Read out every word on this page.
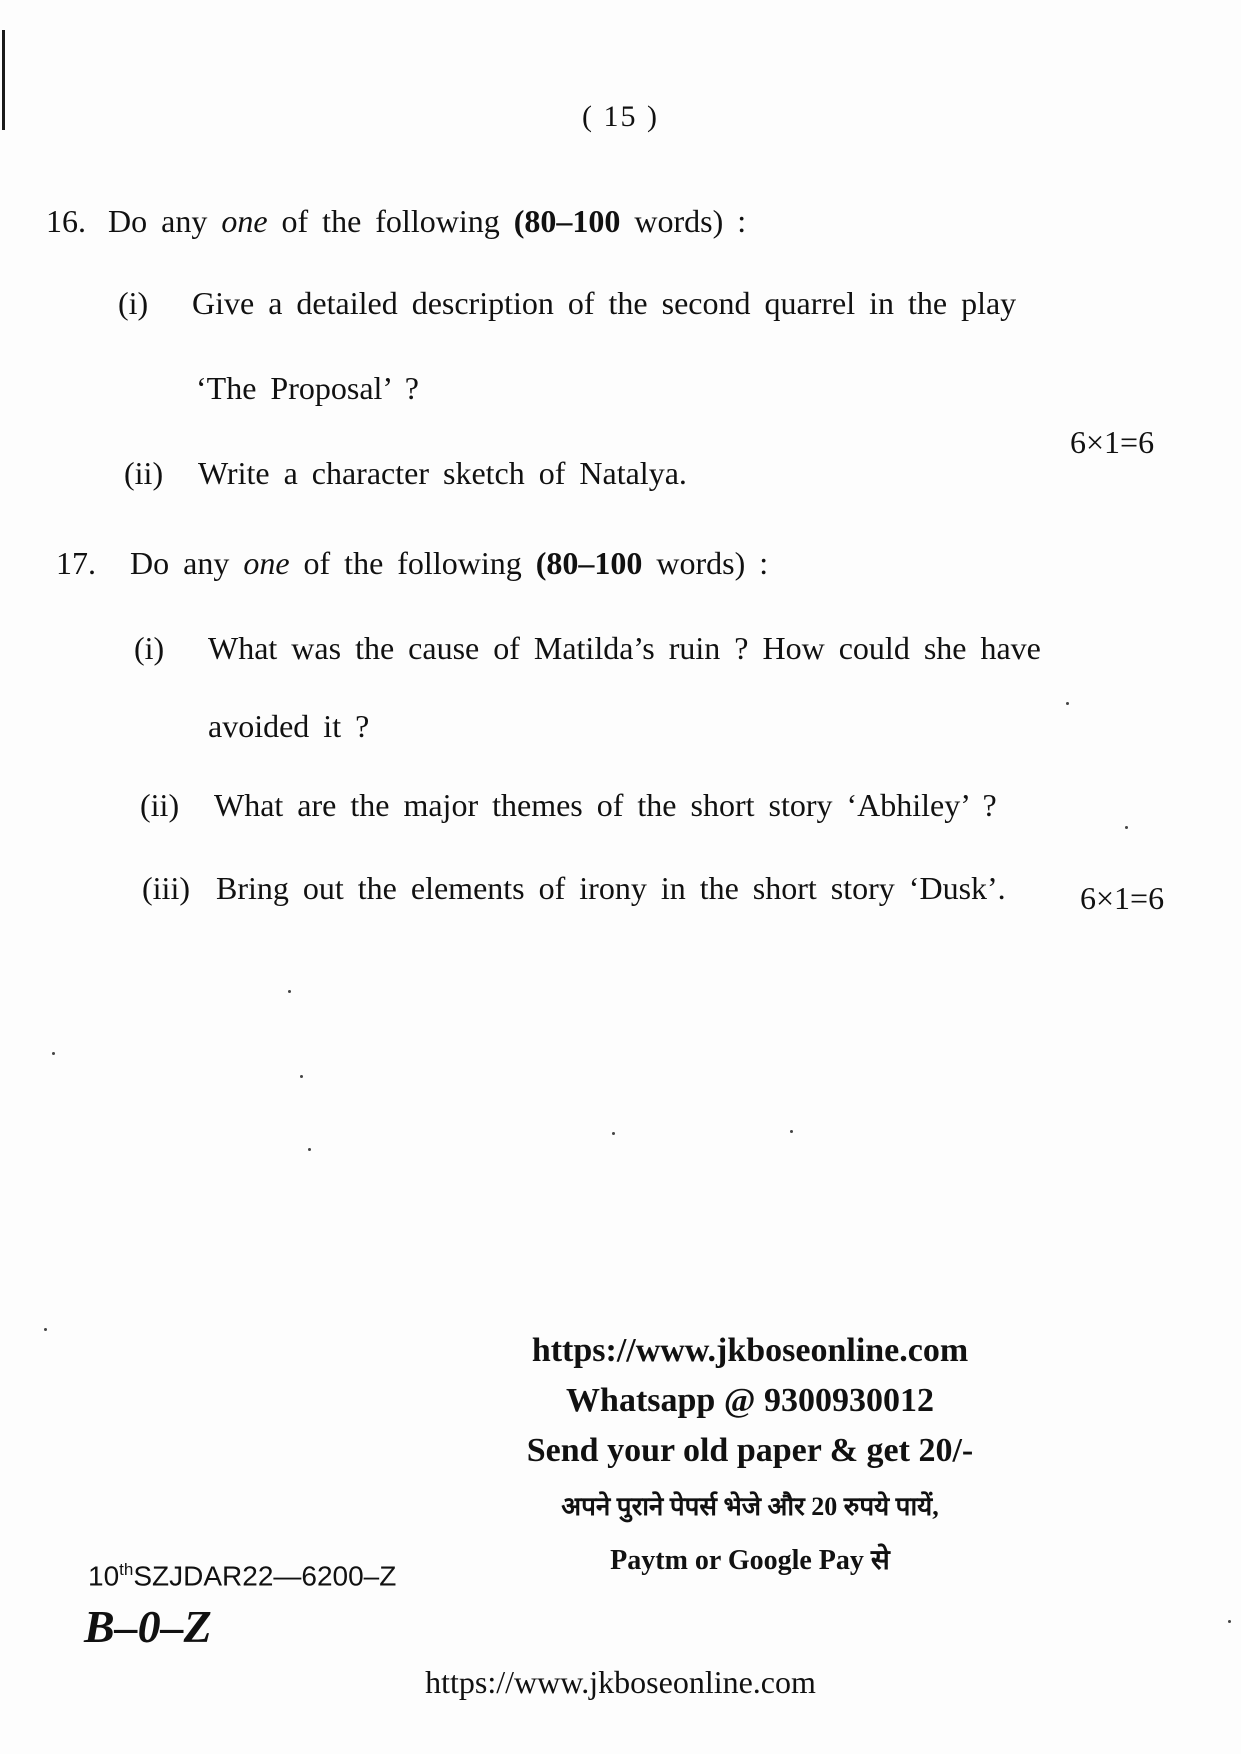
( 15 )
16. Do any one of the following (80–100 words) :
(i) Give a detailed description of the second quarrel in the play
‘The Proposal’ ?
6×1=6
(ii) Write a character sketch of Natalya.
17. Do any one of the following (80–100 words) :
(i) What was the cause of Matilda’s ruin ? How could she have
avoided it ?
(ii) What are the major themes of the short story ‘Abhiley’ ?
(iii) Bring out the elements of irony in the short story ‘Dusk’. 6×1=6
https://www.jkboseonline.com
Whatsapp @ 9300930012
Send your old paper & get 20/-
अपने पुराने पेपर्स भेजे और 20 रुपये पायें,
Paytm or Google Pay से
10thSZJDAR22—6200–Z
B–0–Z
https://www.jkboseonline.com
